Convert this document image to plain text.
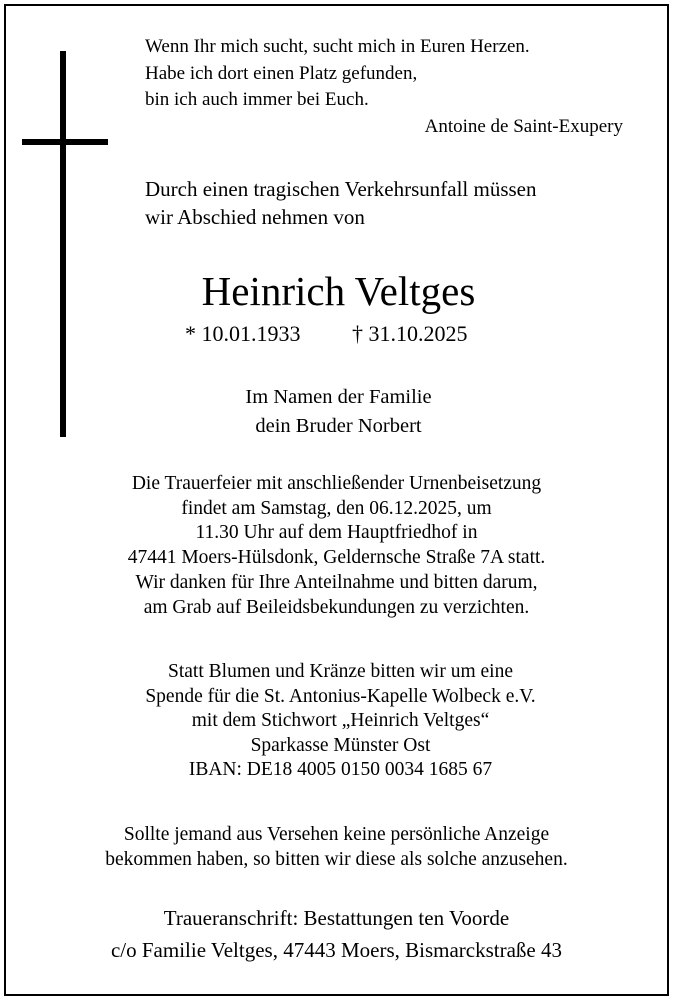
Wenn Ihr mich sucht, sucht mich in Euren Herzen.
Habe ich dort einen Platz gefunden,
bin ich auch immer bei Euch.
Antoine de Saint-Exupery
Durch einen tragischen Verkehrsunfall müssen
wir Abschied nehmen von
Heinrich Veltges
* 10.01.1933 † 31.10.2025
Im Namen der Familie
dein Bruder Norbert
Die Trauerfeier mit anschließender Urnenbeisetzung
findet am Samstag, den 06.12.2025, um
11.30 Uhr auf dem Hauptfriedhof in
47441 Moers-Hülsdonk, Geldernsche Straße 7A statt.
Wir danken für Ihre Anteilnahme und bitten darum,
am Grab auf Beileidsbekundungen zu verzichten.
Statt Blumen und Kränze bitten wir um eine
Spende für die St. Antonius-Kapelle Wolbeck e.V.
mit dem Stichwort „Heinrich Veltges“
Sparkasse Münster Ost
IBAN: DE18 4005 0150 0034 1685 67
Sollte jemand aus Versehen keine persönliche Anzeige
bekommen haben, so bitten wir diese als solche anzusehen.
Traueranschrift: Bestattungen ten Voorde
c/o Familie Veltges, 47443 Moers, Bismarckstraße 43
